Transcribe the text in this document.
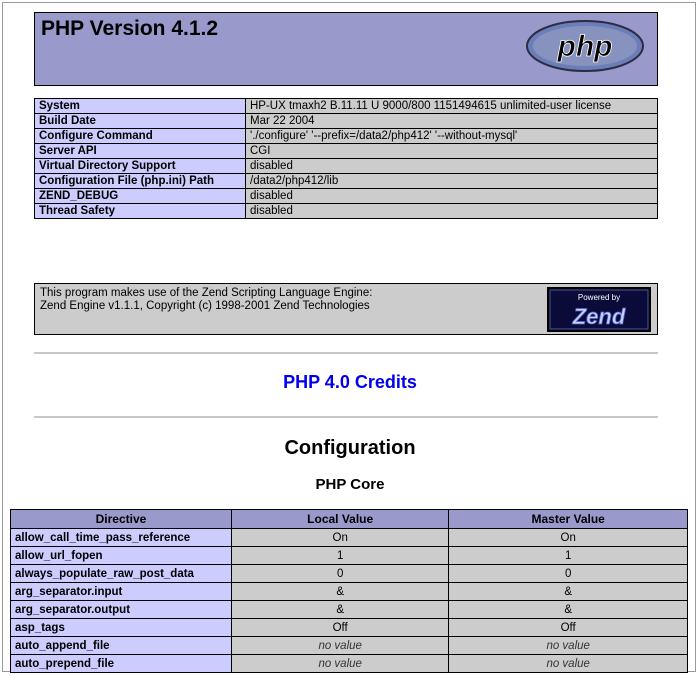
PHP Version 4.1.2
php
System	HP-UX tmaxh2 B.11.11 U 9000/800 1151494615 unlimited-user license
Build Date	Mar 22 2004
Configure Command	'./configure' '--prefix=/data2/php412' '--without-mysql'
Server API	CGI
Virtual Directory Support	disabled
Configuration File (php.ini) Path	/data2/php412/lib
ZEND_DEBUG	disabled
Thread Safety	disabled
This program makes use of the Zend Scripting Language Engine:
Zend Engine v1.1.1, Copyright (c) 1998-2001 Zend Technologies
Powered by
Zend
PHP 4.0 Credits
Configuration
PHP Core
Directive	Local Value	Master Value
allow_call_time_pass_reference	On	On
allow_url_fopen	1	1
always_populate_raw_post_data	0	0
arg_separator.input	&	&
arg_separator.output	&	&
asp_tags	Off	Off
auto_append_file	no value	no value
auto_prepend_file	no value	no value
